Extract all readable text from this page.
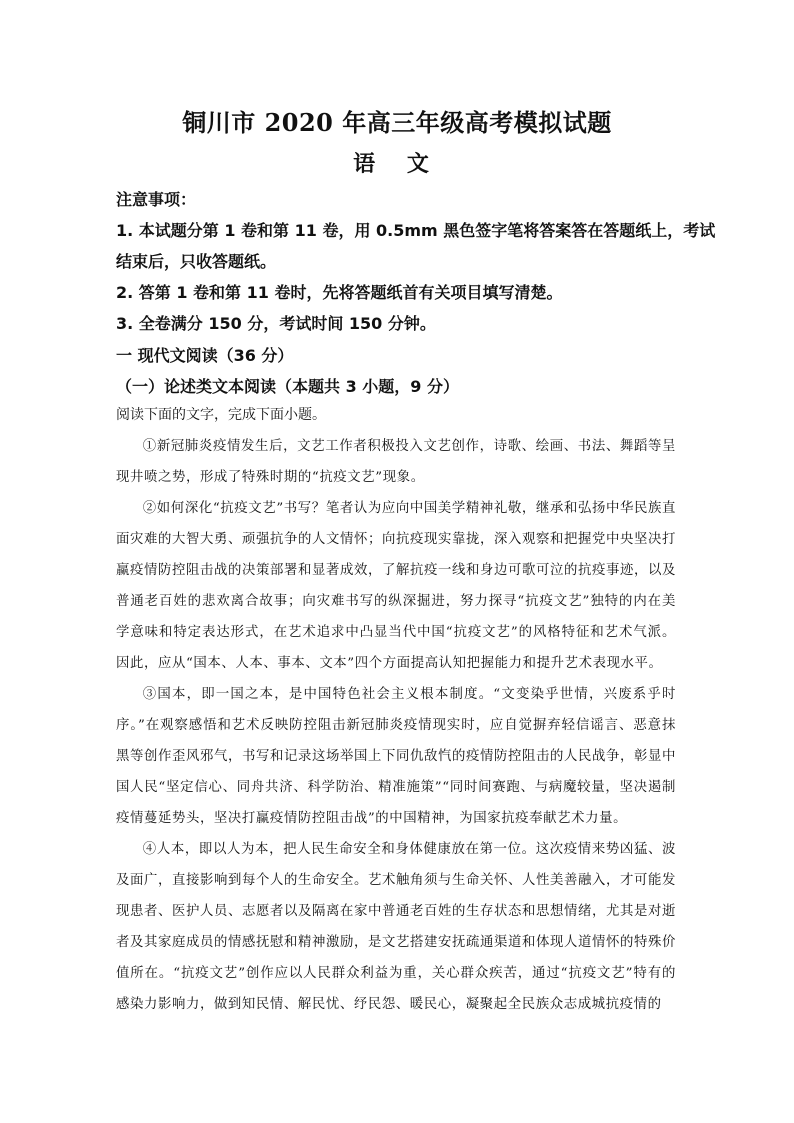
铜川市 2020 年高三年级高考模拟试题
语 文

注意事项：

1. 本试题分第 1 卷和第 11 卷，用 0.5mm 黑色签字笔将答案答在答题纸上，考试结束后，只收答题纸。

2. 答第 1 卷和第 11 卷时，先将答题纸首有关项目填写清楚。

3. 全卷满分 150 分，考试时间 150 分钟。

一 现代文阅读（36 分）
（一）论述类文本阅读（本题共 3 小题，9 分）
阅读下面的文字，完成下面小题。

①新冠肺炎疫情发生后，文艺工作者积极投入文艺创作，诗歌、绘画、书法、舞蹈等呈现井喷之势，形成了特殊时期的“抗疫文艺”现象。

②如何深化“抗疫文艺”书写？笔者认为应向中国美学精神礼敬，继承和弘扬中华民族直面灾难的大智大勇、顽强抗争的人文情怀；向抗疫现实靠拢，深入观察和把握党中央坚决打赢疫情防控阻击战的决策部署和显著成效，了解抗疫一线和身边可歌可泣的抗疫事迹，以及普通老百姓的悲欢离合故事；向灾难书写的纵深掘进，努力探寻“抗疫文艺”独特的内在美学意味和特定表达形式，在艺术追求中凸显当代中国“抗疫文艺”的风格特征和艺术气派。因此，应从“国本、人本、事本、文本”四个方面提高认知把握能力和提升艺术表现水平。

③国本，即一国之本，是中国特色社会主义根本制度。“文变染乎世情，兴废系乎时序。”在观察感悟和艺术反映防控阻击新冠肺炎疫情现实时，应自觉摒弃轻信谣言、恶意抹黑等创作歪风邪气，书写和记录这场举国上下同仇敌忾的疫情防控阻击的人民战争，彰显中国人民“坚定信心、同舟共济、科学防治、精准施策”“同时间赛跑、与病魔较量，坚决遏制疫情蔓延势头，坚决打赢疫情防控阻击战”的中国精神，为国家抗疫奉献艺术力量。

④人本，即以人为本，把人民生命安全和身体健康放在第一位。这次疫情来势凶猛、波及面广，直接影响到每个人的生命安全。艺术触角须与生命关怀、人性美善融入，才可能发现患者、医护人员、志愿者以及隔离在家中普通老百姓的生存状态和思想情绪，尤其是对逝者及其家庭成员的情感抚慰和精神激励，是文艺搭建安抚疏通渠道和体现人道情怀的特殊价值所在。“抗疫文艺”创作应以人民群众利益为重，关心群众疾苦，通过“抗疫文艺”特有的感染力影响力，做到知民情、解民忧、纾民怨、暖民心，凝聚起全民族众志成城抗疫情的
